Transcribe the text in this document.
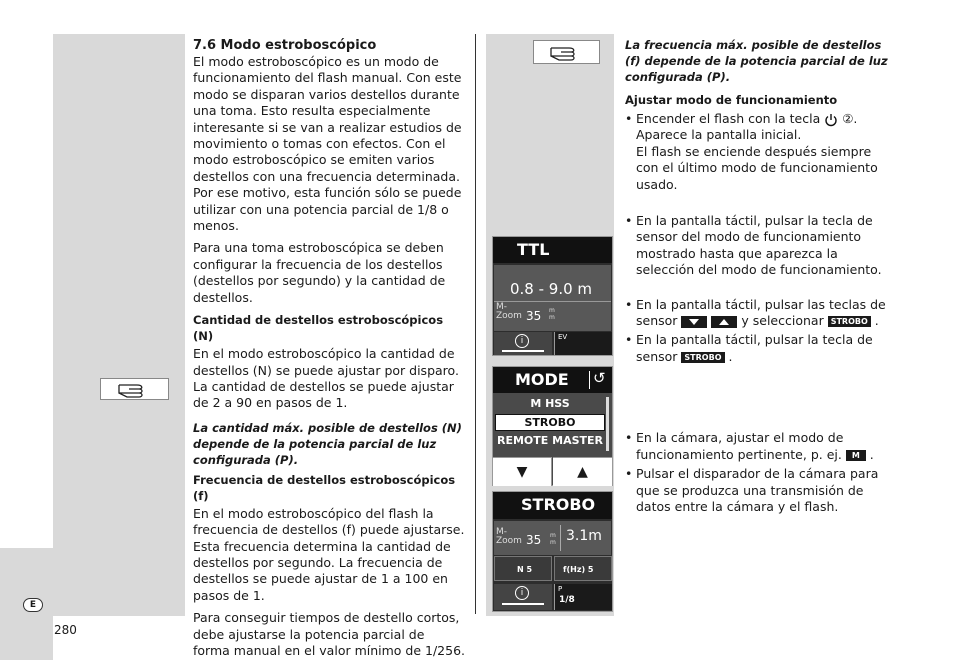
7.6 Modo estroboscópico

El modo estroboscópico es un modo de funcionamiento del flash manual. Con este modo se disparan varios destellos durante una toma. Esto resulta especialmente interesante si se van a realizar estudios de movimiento o tomas con efectos. Con el modo estroboscópico se emiten varios destellos con una frecuencia determinada. Por ese motivo, esta función sólo se puede utilizar con una potencia parcial de 1/8 o menos.

Para una toma estroboscópica se deben configurar la frecuencia de los destellos (destellos por segundo) y la cantidad de destellos.

Cantidad de destellos estroboscópicos (N)

En el modo estroboscópico la cantidad de destellos (N) se puede ajustar por disparo. La cantidad de destellos se puede ajustar de 2 a 90 en pasos de 1.

La cantidad máx. posible de destellos (N) depende de la potencia parcial de luz configurada (P).
Frecuencia de destellos estroboscópicos (f)

En el modo estroboscópico del flash la frecuencia de destellos (f) puede ajustarse. Esta frecuencia determina la cantidad de destellos por segundo. La frecuencia de destellos se puede ajustar de 1 a 100 en pasos de 1.

Para conseguir tiempos de destello cortos, debe ajustarse la potencia parcial de forma manual en el valor mínimo de 1/256.

E
280
TTL
0.8 - 9.0 m
M-
Zoom 35 m
m
i	EV
MODE ↺
M HSS
STROBO
REMOTE MASTER
▼	▲
STROBO
M-
Zoom 35 m
m 3.1m
N 5	f(Hz) 5
i	P
1/8
La frecuencia máx. posible de destellos (f) depende de la potencia parcial de luz configurada (P).
Ajustar modo de funcionamiento
• Encender el flash con la tecla ②.
Aparece la pantalla inicial.
El flash se enciende después siempre con el último modo de funcionamiento usado.
• En la pantalla táctil, pulsar la tecla de sensor del modo de funcionamiento mostrado hasta que aparezca la selección del modo de funcionamiento.
• En la pantalla táctil, pulsar las teclas de sensor
	y seleccionar STROBO .
• En la pantalla táctil, pulsar la tecla de sensor STROBO .
• En la cámara, ajustar el modo de funcionamiento pertinente, p. ej. M .
• Pulsar el disparador de la cámara para que se produzca una transmisión de datos entre la cámara y el flash.
